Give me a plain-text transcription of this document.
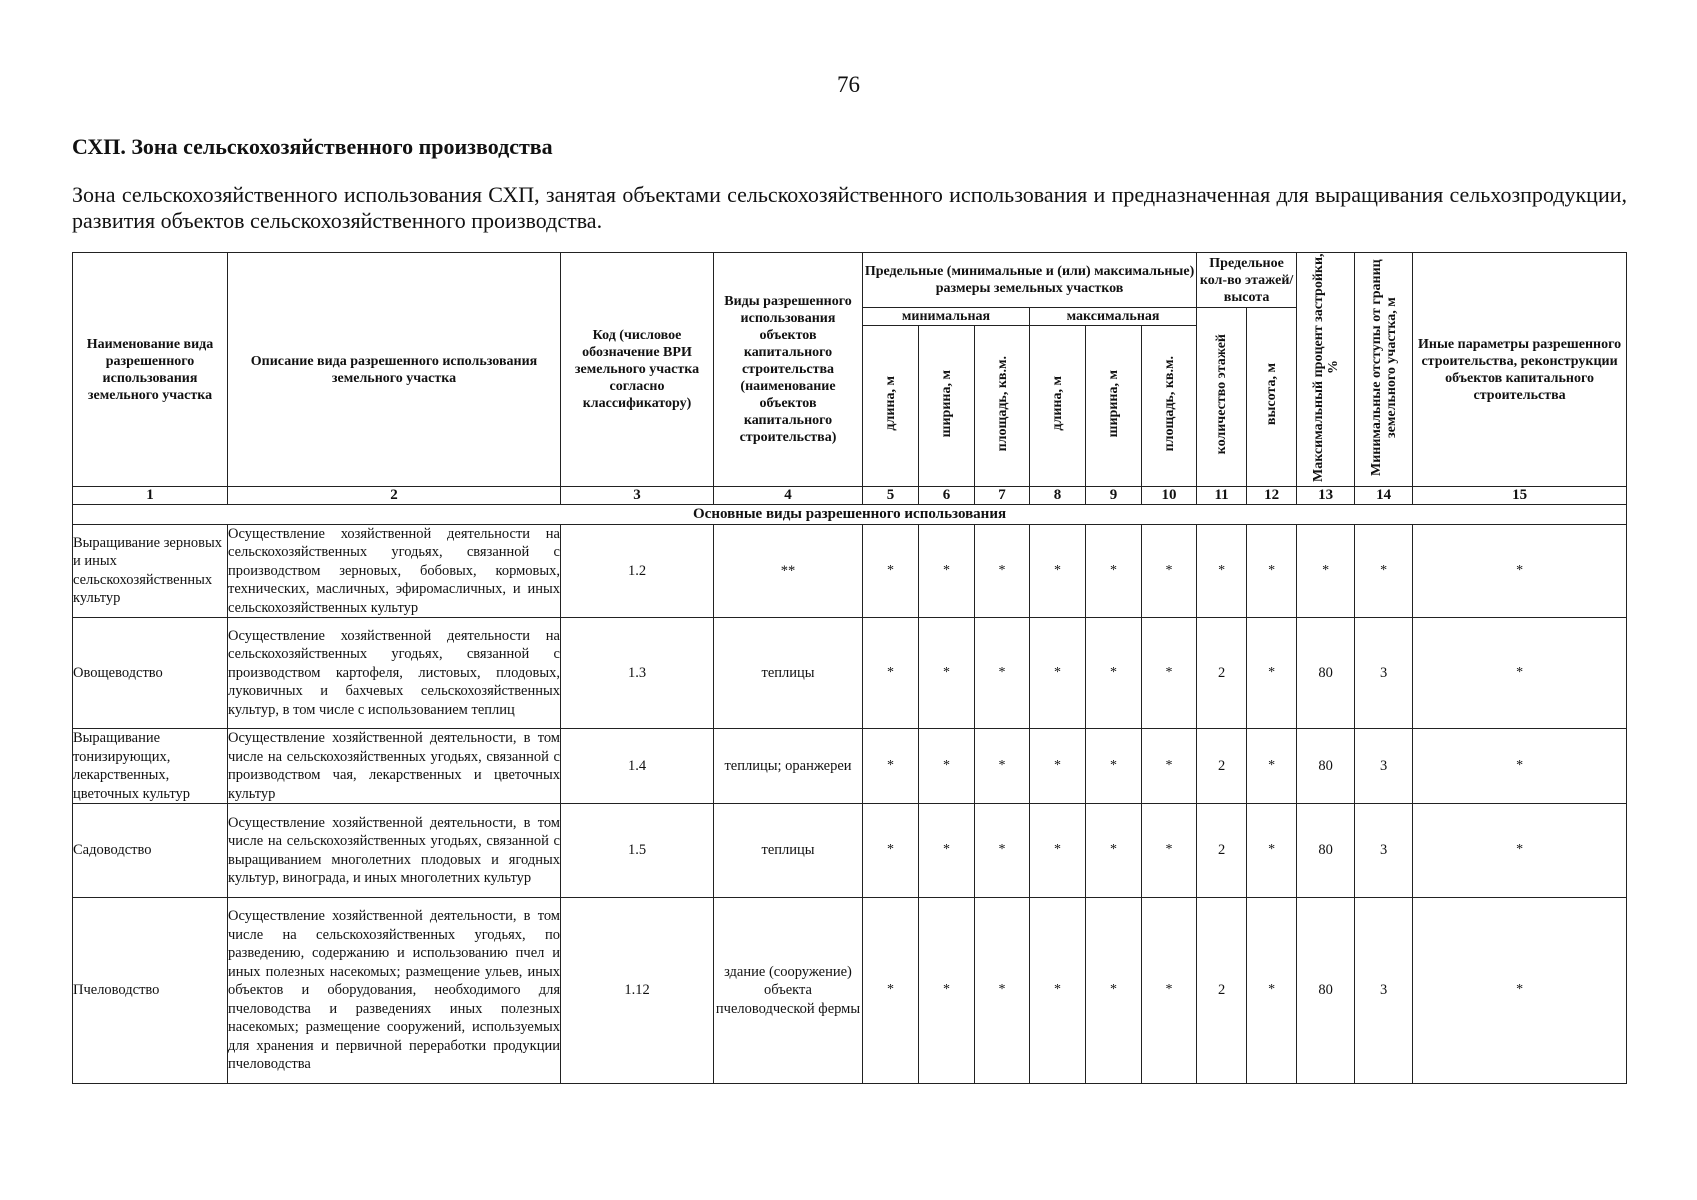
76
СХП. Зона сельскохозяйственного производства
Зона сельскохозяйственного использования СХП, занятая объектами сельскохозяйственного использования и предназначенная для выращивания сельхозпродукции, развития объектов сельскохозяйственного производства.
Наименование вида разрешенного использования земельного участка	Описание вида разрешенного использования земельного участка	Код (числовое обозначение ВРИ земельного участка согласно классификатору)	Виды разрешенного использования объектов капитального строительства (наименование объектов капитального строительства)	Предельные (минимальные и (или) максимальные) размеры земельных участков						Предельное кол-во этажей/ высота		Максимальный процент застройки, %	Минимальные отступы от границ земельного участка, м	Иные параметры разрешенного строительства, реконструкции объектов капитального строительства
				минимальная			максимальная			количество этажей	высота, м			
				длина, м	ширина, м	площадь, кв.м.	длина, м	ширина, м	площадь, кв.м.					
1	2	3	4	5	6	7	8	9	10	11	12	13	14	15
Основные виды разрешенного использования														
Выращивание зерновых и иных сельскохозяйственных культур	Осуществление хозяйственной деятельности на сельскохозяйственных угодьях, связанной с производством зерновых, бобовых, кормовых, технических, масличных, эфиромасличных, и иных сельскохозяйственных культур	1.2	**	*	*	*	*	*	*	*	*	*	*	*
Овощеводство	Осуществление хозяйственной деятельности на сельскохозяйственных угодьях, связанной с производством картофеля, листовых, плодовых, луковичных и бахчевых сельскохозяйственных культур, в том числе с использованием теплиц	1.3	теплицы	*	*	*	*	*	*	2	*	80	3	*
Выращивание тонизирующих, лекарственных, цветочных культур	Осуществление хозяйственной деятельности, в том числе на сельскохозяйственных угодьях, связанной с производством чая, лекарственных и цветочных культур	1.4	теплицы; оранжереи	*	*	*	*	*	*	2	*	80	3	*
Садоводство	Осуществление хозяйственной деятельности, в том числе на сельскохозяйственных угодьях, связанной с выращиванием многолетних плодовых и ягодных культур, винограда, и иных многолетних культур	1.5	теплицы	*	*	*	*	*	*	2	*	80	3	*
Пчеловодство	Осуществление хозяйственной деятельности, в том числе на сельскохозяйственных угодьях, по разведению, содержанию и использованию пчел и иных полезных насекомых; размещение ульев, иных объектов и оборудования, необходимого для пчеловодства и разведениях иных полезных насекомых; размещение сооружений, используемых для хранения и первичной переработки продукции пчеловодства	1.12	здание (сооружение) объекта пчеловодческой фермы	*	*	*	*	*	*	2	*	80	3	*
